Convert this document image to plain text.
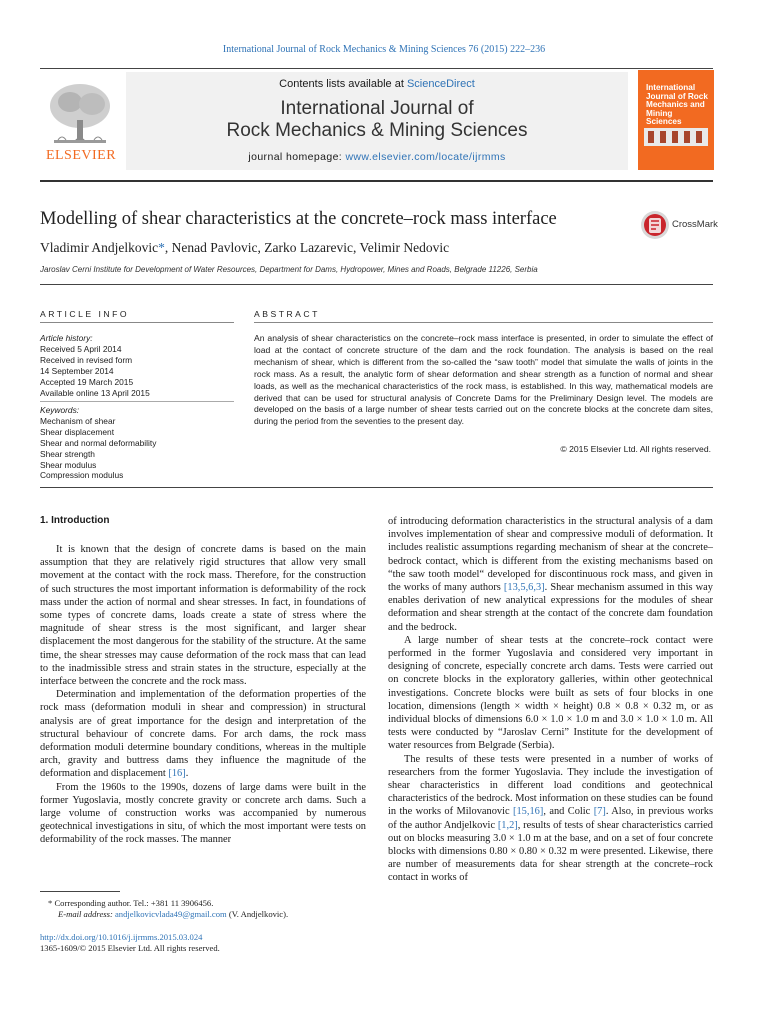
International Journal of Rock Mechanics & Mining Sciences 76 (2015) 222–236
ELSEVIER
Contents lists available at ScienceDirect
International Journal of
Rock Mechanics & Mining Sciences
journal homepage: www.elsevier.com/locate/ijrmms
International Journal of Rock Mechanics and Mining Sciences
Modelling of shear characteristics at the concrete–rock mass interface	CrossMark
Vladimir Andjelkovic*, Nenad Pavlovic, Zarko Lazarevic, Velimir Nedovic
Jaroslav Cerni Institute for Development of Water Resources, Department for Dams, Hydropower, Mines and Roads, Belgrade 11226, Serbia
ARTICLE INFO
Article history:
Received 5 April 2014
Received in revised form
14 September 2014
Accepted 19 March 2015
Available online 13 April 2015
Keywords:
Mechanism of shear
Shear displacement
Shear and normal deformability
Shear strength
Shear modulus
Compression modulus
ABSTRACT
An analysis of shear characteristics on the concrete–rock mass interface is presented, in order to simulate the effect of load at the contact of concrete structure of the dam and the rock foundation. The analysis is based on the real mechanism of shear, which is different from the so-called the “saw tooth” model that simulate the walls of joints in the rock mass. As a result, the analytic form of shear deformation and shear strength as a function of normal and shear loads, as well as the mechanical characteristics of the rock mass, is established. In this way, mathematical models are derived that can be used for structural analysis of Concrete Dams for the Preliminary Design level. The models are developed on the basis of a large number of shear tests carried out on the concrete blocks at the concrete dam sites, during the period from the seventies to the present day.
© 2015 Elsevier Ltd. All rights reserved.
1. Introduction

It is known that the design of concrete dams is based on the main assumption that they are relatively rigid structures that allow very small movement at the contact with the rock mass. Therefore, for the construction of such structures the most important information is deformability of the rock mass under the action of normal and shear stresses. In fact, in foundations of some types of concrete dams, loads create a state of stress where the magnitude of shear stress is the most significant, and larger shear displacement the most dangerous for the stability of the structure. At the same time, the shear stresses may cause deformation of the rock mass that can lead to the inadmissible stress and strain states in the structure, especially at the interface between the concrete and the rock mass.

Determination and implementation of the deformation properties of the rock mass (deformation moduli in shear and compression) in structural analysis are of great importance for the design and interpretation of the structural behaviour of concrete dams. For arch dams, the rock mass deformation moduli determine boundary conditions, whereas in the multiple arch, gravity and buttress dams they influence the magnitude of the deformation and displacement [16].

From the 1960s to the 1990s, dozens of large dams were built in the former Yugoslavia, mostly concrete gravity or concrete arch dams. Such a large volume of construction works was accompanied by numerous geotechnical investigations in situ, of which the most important were tests on deformability of the rock masses. The manner

of introducing deformation characteristics in the structural analysis of a dam involves implementation of shear and compressive moduli of deformation. It includes realistic assumptions regarding mechanism of shear at the concrete–bedrock contact, which is different from the existing mechanisms based on “the saw tooth model“ developed for discontinuous rock mass, and given in the works of many authors [13,5,6,3]. Shear mechanism assumed in this way enables derivation of new analytical expressions for the modules of shear deformation and shear strength at the contact of the concrete dam foundation and the bedrock.

A large number of shear tests at the concrete–rock contact were performed in the former Yugoslavia and considered very important in designing of concrete, especially concrete arch dams. Tests were carried out on concrete blocks in the exploratory galleries, within other geotechnical investigations. Concrete blocks were built as sets of four blocks in one location, dimensions (length × width × height) 0.8 × 0.8 × 0.32 m, or as individual blocks of dimensions 6.0 × 1.0 × 1.0 m and 3.0 × 1.0 × 1.0 m. All tests were conducted by “Jaroslav Cerni” Institute for the development of water resources from Belgrade (Serbia).

The results of these tests were presented in a number of works of researchers from the former Yugoslavia. They include the investigation of shear characteristics in different load conditions and geotechnical characteristics of the bedrock. Most information on these studies can be found in the works of Milovanovic [15,16], and Colic [7]. Also, in previous works of the author Andjelkovic [1,2], results of tests of shear characteristics carried out on blocks measuring 3.0 × 1.0 m at the base, and on a set of four concrete blocks with dimensions 0.80 × 0.80 × 0.32 m were presented. Likewise, there are number of measurements data for shear strength at the concrete–rock contact in works of

* Corresponding author. Tel.: +381 11 3906456.
E-mail address: andjelkovicvlada49@gmail.com (V. Andjelkovic).
http://dx.doi.org/10.1016/j.ijrmms.2015.03.024
1365-1609/© 2015 Elsevier Ltd. All rights reserved.
